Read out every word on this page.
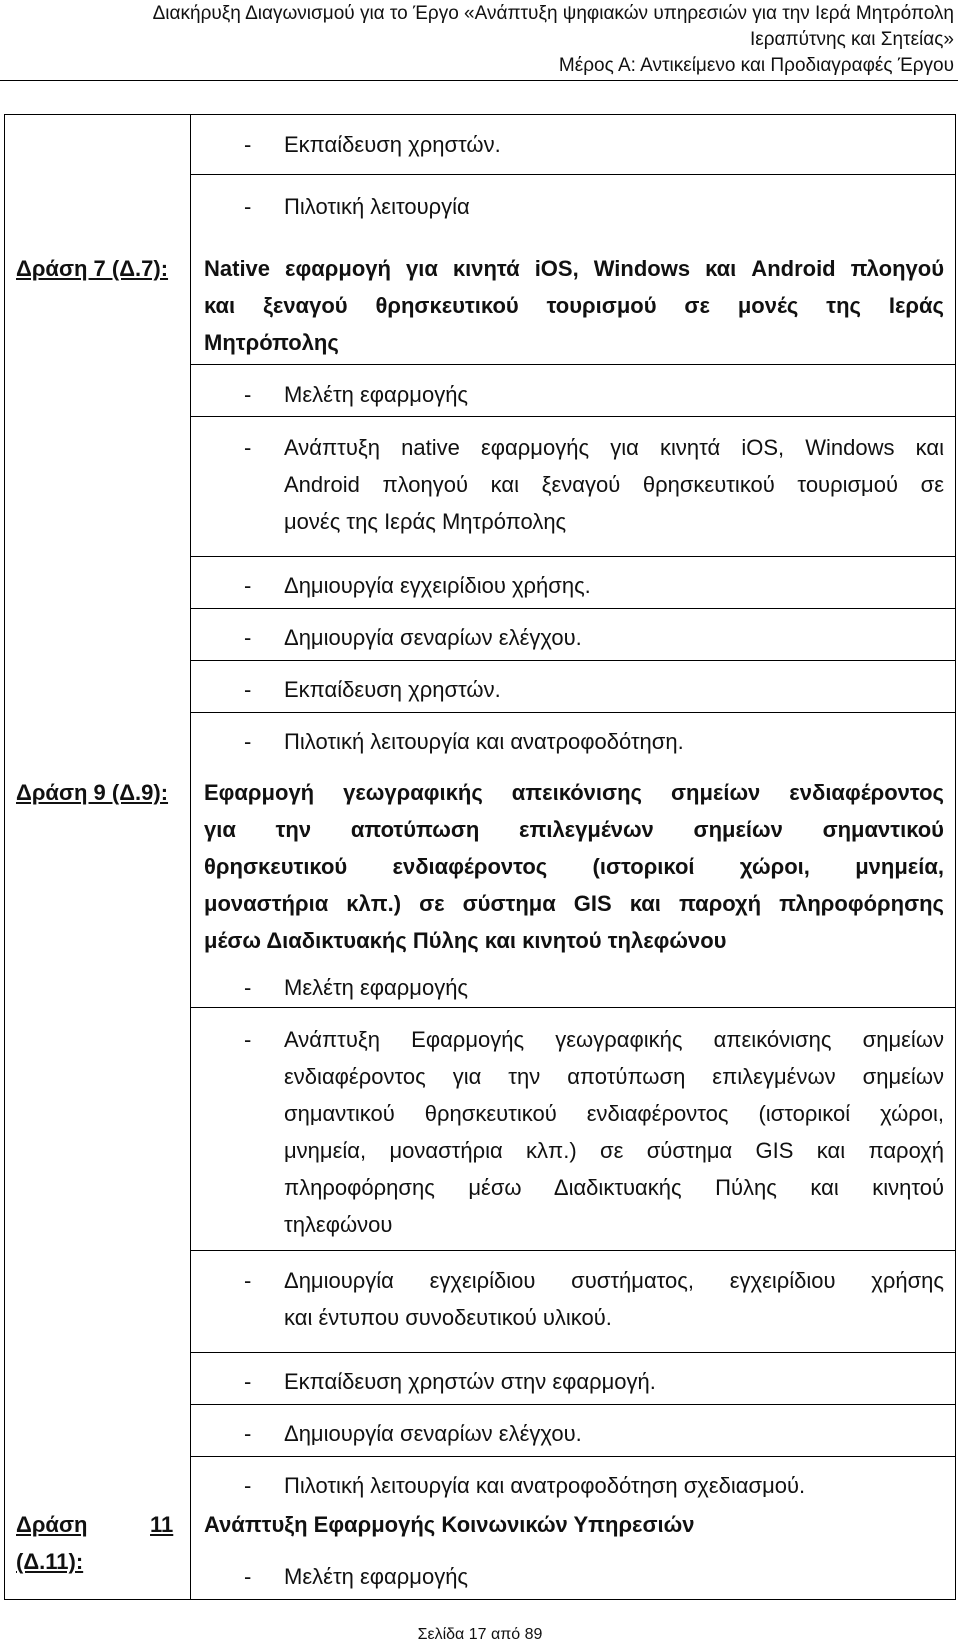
Διακήρυξη Διαγωνισμού για το Έργο «Ανάπτυξη ψηφιακών υπηρεσιών για την Ιερά Μητρόπολη
Ιεραπύτνης και Σητείας»
Μέρος Α: Αντικείμενο και Προδιαγραφές Έργου
- Εκπαίδευση χρηστών.
- Πιλοτική λειτουργία
Δράση 7 (Δ.7): Native εφαρμογή για κινητά iOS, Windows και Android πλοηγού
και ξεναγού θρησκευτικού τουρισμού σε μονές της Ιεράς
Μητρόπολης
- Μελέτη εφαρμογής
- Ανάπτυξη native εφαρμογής για κινητά iOS, Windows και
Android πλοηγού και ξεναγού θρησκευτικού τουρισμού σε
μονές της Ιεράς Μητρόπολης
- Δημιουργία εγχειρίδιου χρήσης.
- Δημιουργία σεναρίων ελέγχου.
- Εκπαίδευση χρηστών.
- Πιλοτική λειτουργία και ανατροφοδότηση.
Δράση 9 (Δ.9): Εφαρμογή γεωγραφικής απεικόνισης σημείων ενδιαφέροντος
για την αποτύπωση επιλεγμένων σημείων σημαντικού
θρησκευτικού ενδιαφέροντος (ιστορικοί χώροι, μνημεία,
μοναστήρια κλπ.) σε σύστημα GIS και παροχή πληροφόρησης
μέσω Διαδικτυακής Πύλης και κινητού τηλεφώνου
- Μελέτη εφαρμογής
- Ανάπτυξη Εφαρμογής γεωγραφικής απεικόνισης σημείων
ενδιαφέροντος για την αποτύπωση επιλεγμένων σημείων
σημαντικού θρησκευτικού ενδιαφέροντος (ιστορικοί χώροι,
μνημεία, μοναστήρια κλπ.) σε σύστημα GIS και παροχή
πληροφόρησης μέσω Διαδικτυακής Πύλης και κινητού
τηλεφώνου
- Δημιουργία εγχειρίδιου συστήματος, εγχειρίδιου χρήσης
και έντυπου συνοδευτικού υλικού.
- Εκπαίδευση χρηστών στην εφαρμογή.
- Δημιουργία σεναρίων ελέγχου.
- Πιλοτική λειτουργία και ανατροφοδότηση σχεδιασμού.
Δράση	11
(Δ.11):
Ανάπτυξη Εφαρμογής Κοινωνικών Υπηρεσιών
- Μελέτη εφαρμογής
Σελίδα 17 από 89
